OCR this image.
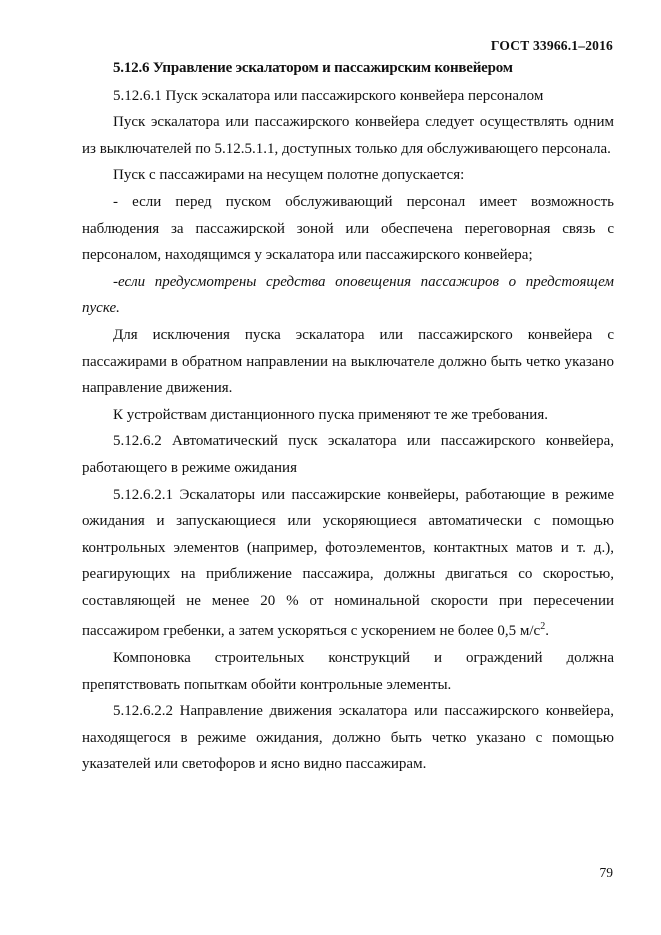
ГОСТ 33966.1–2016

5.12.6 Управление эскалатором и пассажирским конвейером

5.12.6.1 Пуск эскалатора или пассажирского конвейера персоналом

Пуск эскалатора или пассажирского конвейера следует осуществлять одним из выключателей по 5.12.5.1.1, доступных только для обслуживающего персонала.

Пуск с пассажирами на несущем полотне допускается:

- если перед пуском обслуживающий персонал имеет возможность наблюдения за пассажирской зоной или обеспечена переговорная связь с персоналом, находящимся у эскалатора или пассажирского конвейера;

-если предусмотрены средства оповещения пассажиров о предстоящем пуске.

Для исключения пуска эскалатора или пассажирского конвейера с пассажирами в обратном направлении на выключателе должно быть четко указано направление движения.

К устройствам дистанционного пуска применяют те же требования.

5.12.6.2 Автоматический пуск эскалатора или пассажирского конвейера, работающего в режиме ожидания

5.12.6.2.1 Эскалаторы или пассажирские конвейеры, работающие в режиме ожидания и запускающиеся или ускоряющиеся автоматически с помощью контрольных элементов (например, фотоэлементов, контактных матов и т. д.), реагирующих на приближение пассажира, должны двигаться со скоростью, составляющей не менее 20 % от номинальной скорости при пересечении пассажиром гребенки, а затем ускоряться с ускорением не более 0,5 $м/с^2$.

Компоновка строительных конструкций и ограждений должна препятствовать попыткам обойти контрольные элементы.

5.12.6.2.2 Направление движения эскалатора или пассажирского конвейера, находящегося в режиме ожидания, должно быть четко указано с помощью указателей или светофоров и ясно видно пассажирам.

79
